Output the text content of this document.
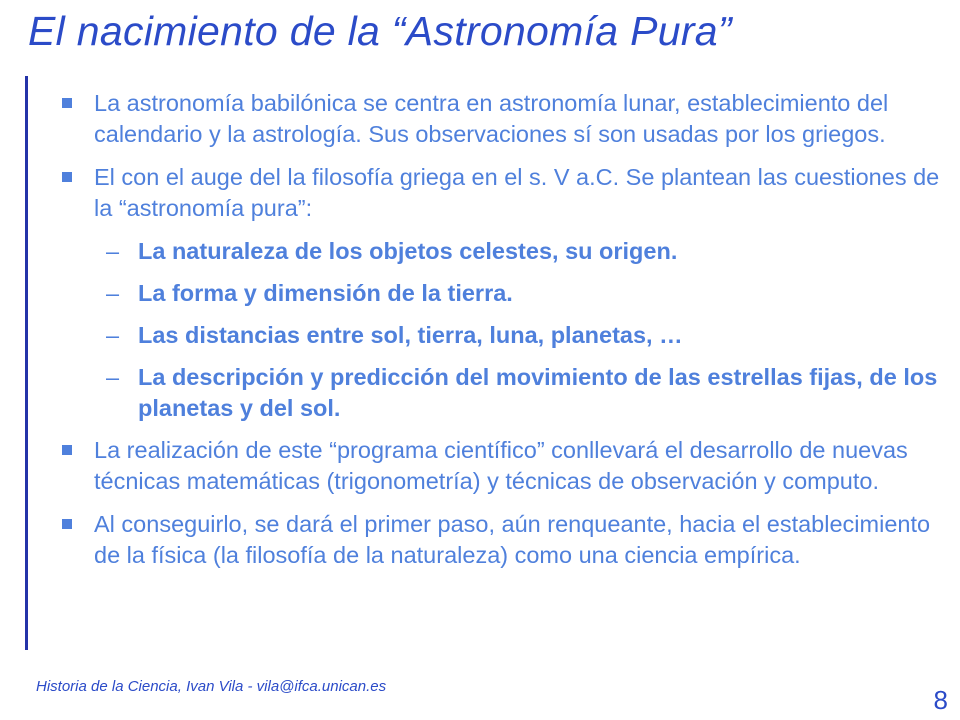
El nacimiento de la “Astronomía Pura”
La astronomía babilónica se centra en astronomía lunar, establecimiento del calendario y la astrología. Sus observaciones sí son usadas por los griegos.
El con el auge del la filosofía griega en el s. V a.C. Se plantean las cuestiones de la “astronomía pura”:
– La naturaleza de los objetos celestes, su origen.
– La forma y dimensión de la tierra.
– Las distancias entre sol, tierra, luna, planetas, …
– La descripción y predicción del movimiento de las estrellas fijas, de los planetas y del sol.
La realización de este “programa científico” conllevará el desarrollo de nuevas técnicas matemáticas (trigonometría) y técnicas de observación y computo.
Al conseguirlo, se dará el primer paso, aún renqueante, hacia el establecimiento de la física (la filosofía de la naturaleza) como una ciencia empírica.
Historia de la Ciencia, Ivan Vila - vila@ifca.unican.es	8
